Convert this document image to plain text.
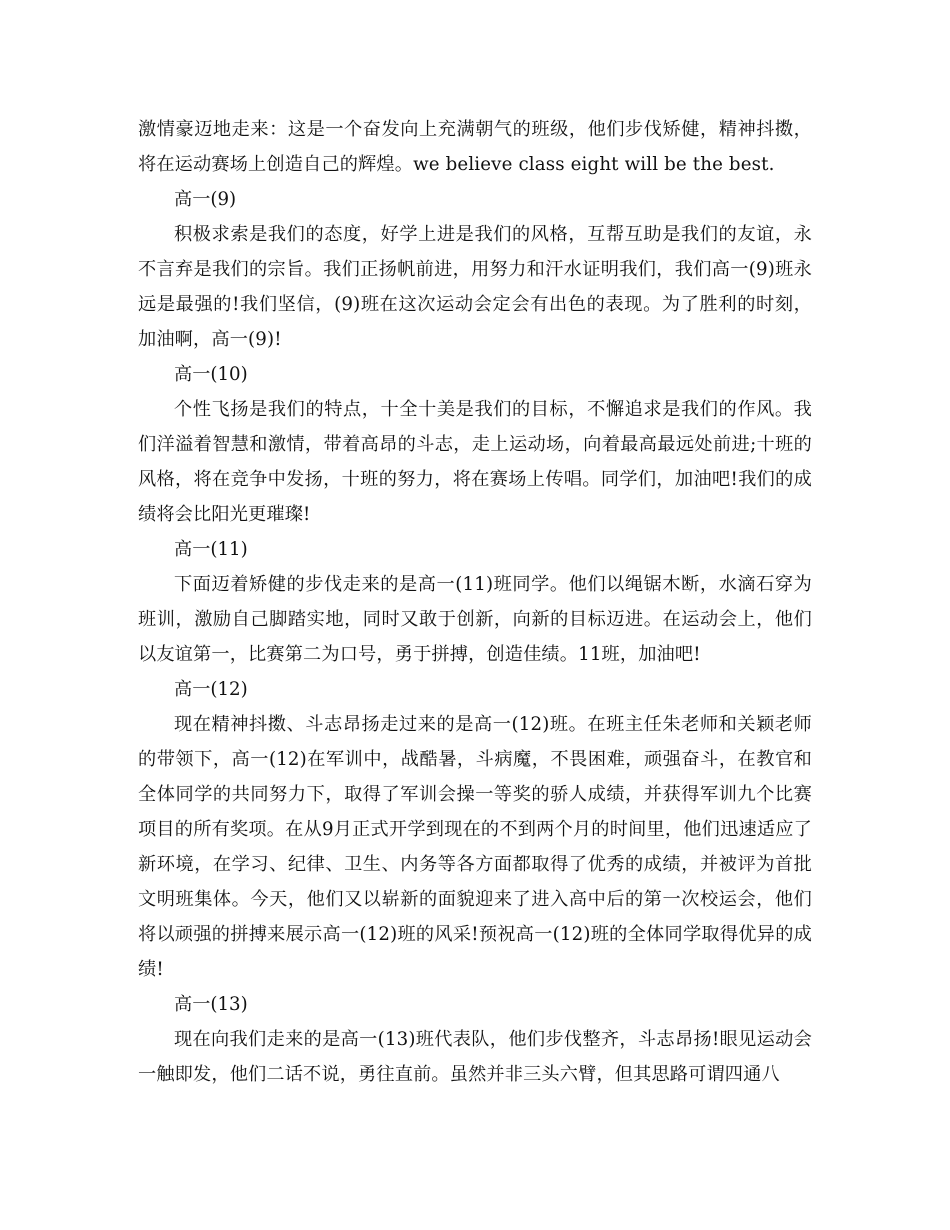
激情豪迈地走来：这是一个奋发向上充满朝气的班级，他们步伐矫健，精神抖擞，将在运动赛场上创造自己的辉煌。we believe class eight will be the best.

高一(9)

积极求索是我们的态度，好学上进是我们的风格，互帮互助是我们的友谊，永不言弃是我们的宗旨。我们正扬帆前进，用努力和汗水证明我们，我们高一(9)班永远是最强的!我们坚信，(9)班在这次运动会定会有出色的表现。为了胜利的时刻，加油啊，高一(9)!

高一(10)

个性飞扬是我们的特点，十全十美是我们的目标，不懈追求是我们的作风。我们洋溢着智慧和激情，带着高昂的斗志，走上运动场，向着最高最远处前进;十班的风格，将在竞争中发扬，十班的努力，将在赛场上传唱。同学们，加油吧!我们的成绩将会比阳光更璀璨!

高一(11)

下面迈着矫健的步伐走来的是高一(11)班同学。他们以绳锯木断，水滴石穿为班训，激励自己脚踏实地，同时又敢于创新，向新的目标迈进。在运动会上，他们以友谊第一，比赛第二为口号，勇于拼搏，创造佳绩。11班，加油吧!

高一(12)

现在精神抖擞、斗志昂扬走过来的是高一(12)班。在班主任朱老师和关颖老师的带领下，高一(12)在军训中，战酷暑，斗病魔，不畏困难，顽强奋斗，在教官和全体同学的共同努力下，取得了军训会操一等奖的骄人成绩，并获得军训九个比赛项目的所有奖项。在从9月正式开学到现在的不到两个月的时间里，他们迅速适应了新环境，在学习、纪律、卫生、内务等各方面都取得了优秀的成绩，并被评为首批文明班集体。今天，他们又以崭新的面貌迎来了进入高中后的第一次校运会，他们将以顽强的拼搏来展示高一(12)班的风采!预祝高一(12)班的全体同学取得优异的成绩!

高一(13)

现在向我们走来的是高一(13)班代表队，他们步伐整齐，斗志昂扬!眼见运动会一触即发，他们二话不说，勇往直前。虽然并非三头六臂，但其思路可谓四通八
